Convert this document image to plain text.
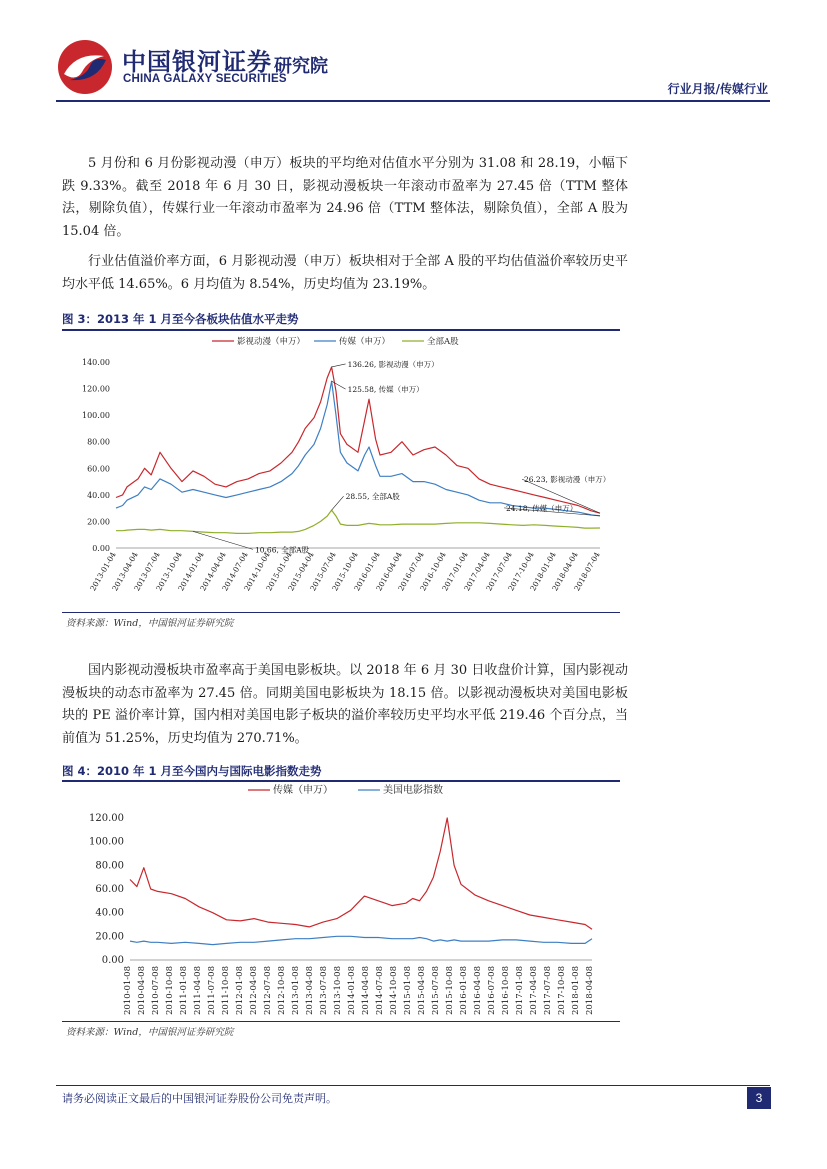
中国银河证券
CHINA GALAXY SECURITIES
研究院
行业月报/传媒行业

5 月份和 6 月份影视动漫（申万）板块的平均绝对估值水平分别为 31.08 和 28.19，小幅下跌 9.33%。截至 2018 年 6 月 30 日，影视动漫板块一年滚动市盈率为 27.45 倍（TTM 整体法，剔除负值），传媒行业一年滚动市盈率为 24.96 倍（TTM 整体法，剔除负值），全部 A 股为 15.04 倍。

行业估值溢价率方面，6 月影视动漫（申万）板块相对于全部 A 股的平均估值溢价率较历史平均水平低 14.65%。6 月均值为 8.54%，历史均值为 23.19%。

图 3：2013 年 1 月至今各板块估值水平走势
影视动漫（申万）	传媒（申万）	全部A股
0.00
20.00
40.00
60.00
80.00
100.00
120.00
140.00
2013-01-04
2013-04-04
2013-07-04
2013-10-04
2014-01-04
2014-04-04
2014-07-04
2014-10-04
2015-01-04
2015-04-04
2015-07-04
2015-10-04
2016-01-04
2016-04-04
2016-07-04
2016-10-04
2017-01-04
2017-04-04
2017-07-04
2017-10-04
2018-01-04
2018-04-04
2018-07-04
136.26, 影视动漫（申万）
125.58, 传媒（申万）
26.23, 影视动漫（申万）
24.18, 传媒（申万）
28.55, 全部A股
10.66, 全部A股
资料来源：Wind，中国银河证券研究院

国内影视动漫板块市盈率高于美国电影板块。以 2018 年 6 月 30 日收盘价计算，国内影视动漫板块的动态市盈率为 27.45 倍。同期美国电影板块为 18.15 倍。以影视动漫板块对美国电影板块的 PE 溢价率计算，国内相对美国电影子板块的溢价率较历史平均水平低 219.46 个百分点，当前值为 51.25%，历史均值为 270.71%。

图 4：2010 年 1 月至今国内与国际电影指数走势
传媒（申万）	美国电影指数
0.00
20.00
40.00
60.00
80.00
100.00
120.00
2010-01-08 2010-04-08 2010-07-08 2010-10-08 2011-01-08 2011-04-08 2011-07-08 2011-10-08 2012-01-08 2012-04-08 2012-07-08 2012-10-08 2013-01-08 2013-04-08 2013-07-08 2013-10-08 2014-01-08 2014-04-08 2014-07-08 2014-10-08 2015-01-08 2015-04-08 2015-07-08 2015-10-08 2016-01-08 2016-04-08 2016-07-08 2016-10-08 2017-01-08 2017-04-08 2017-07-08 2017-10-08 2018-01-08 2018-04-08
资料来源：Wind，中国银河证券研究院
请务必阅读正文最后的中国银河证券股份公司免责声明。	3
